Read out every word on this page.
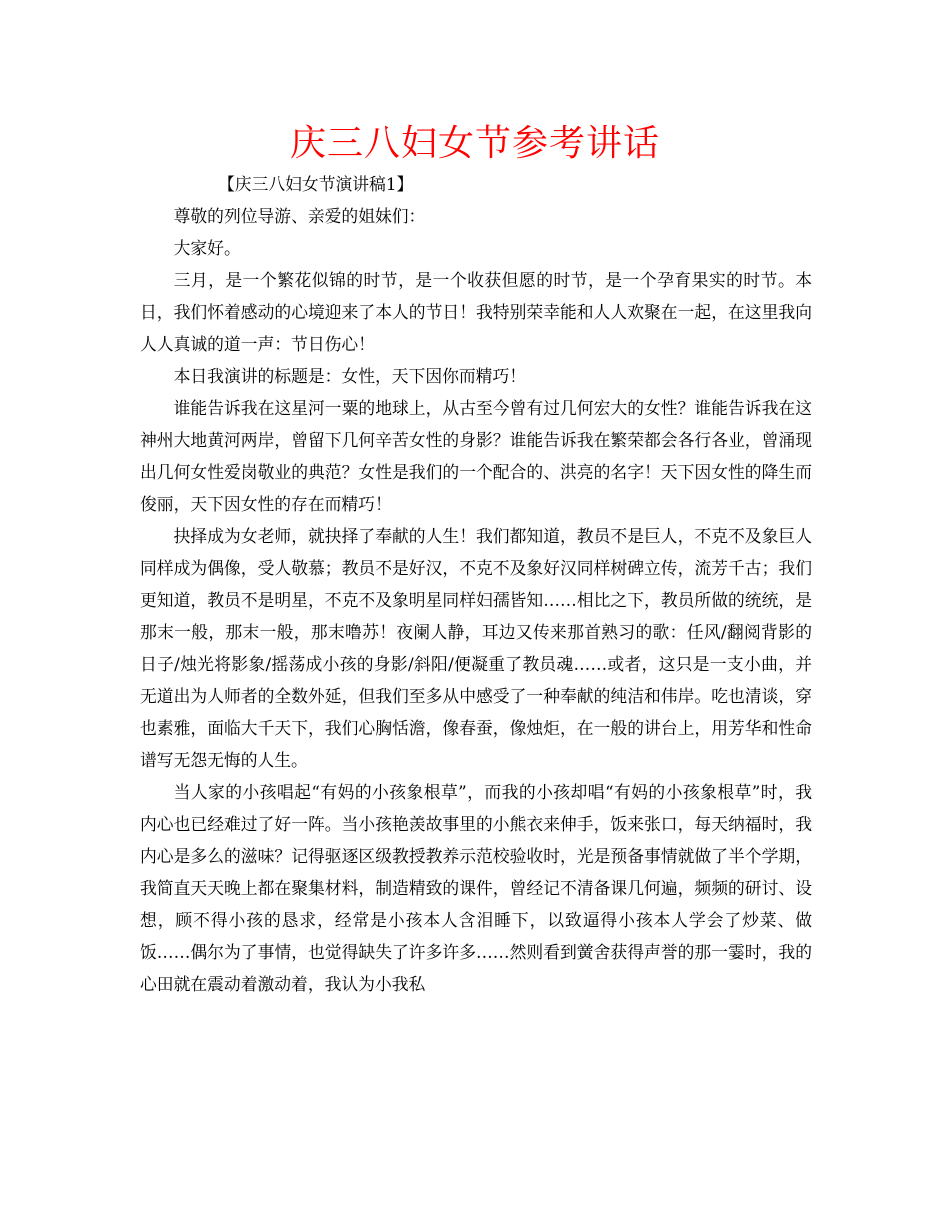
庆三八妇女节参考讲话

【庆三八妇女节演讲稿1】

尊敬的列位导游、亲爱的姐妹们：

大家好。

三月，是一个繁花似锦的时节，是一个收获但愿的时节，是一个孕育果实的时节。本日，我们怀着感动的心境迎来了本人的节日！我特别荣幸能和人人欢聚在一起，在这里我向人人真诚的道一声：节日伤心！

本日我演讲的标题是：女性，天下因你而精巧！

谁能告诉我在这星河一粟的地球上，从古至今曾有过几何宏大的女性？谁能告诉我在这神州大地黄河两岸，曾留下几何辛苦女性的身影？谁能告诉我在繁荣都会各行各业，曾涌现出几何女性爱岗敬业的典范？女性是我们的一个配合的、洪亮的名字！天下因女性的降生而俊丽，天下因女性的存在而精巧！

抉择成为女老师，就抉择了奉献的人生！我们都知道，教员不是巨人，不克不及象巨人同样成为偶像，受人敬慕；教员不是好汉，不克不及象好汉同样树碑立传，流芳千古；我们更知道，教员不是明星，不克不及象明星同样妇孺皆知……相比之下，教员所做的统统，是那末一般，那末一般，那末噜苏！夜阑人静，耳边又传来那首熟习的歌：任风/翻阅背影的日子/烛光将影象/摇荡成小孩的身影/斜阳/便凝重了教员魂……或者，这只是一支小曲，并无道出为人师者的全数外延，但我们至多从中感受了一种奉献的纯洁和伟岸。吃也清谈，穿也素雅，面临大千天下，我们心胸恬澹，像春蚕，像烛炬，在一般的讲台上，用芳华和性命谱写无怨无悔的人生。

当人家的小孩唱起“有妈的小孩象根草”，而我的小孩却唱“有妈的小孩象根草”时，我内心也已经难过了好一阵。当小孩艳羡故事里的小熊衣来伸手，饭来张口，每天纳福时，我内心是多么的滋味？记得驱逐区级教授教养示范校验收时，光是预备事情就做了半个学期，我简直天天晚上都在聚集材料，制造精致的课件，曾经记不清备课几何遍，频频的研讨、设想，顾不得小孩的恳求，经常是小孩本人含泪睡下，以致逼得小孩本人学会了炒菜、做饭……偶尔为了事情，也觉得缺失了许多许多……然则看到黉舍获得声誉的那一霎时，我的心田就在震动着激动着，我认为小我私
